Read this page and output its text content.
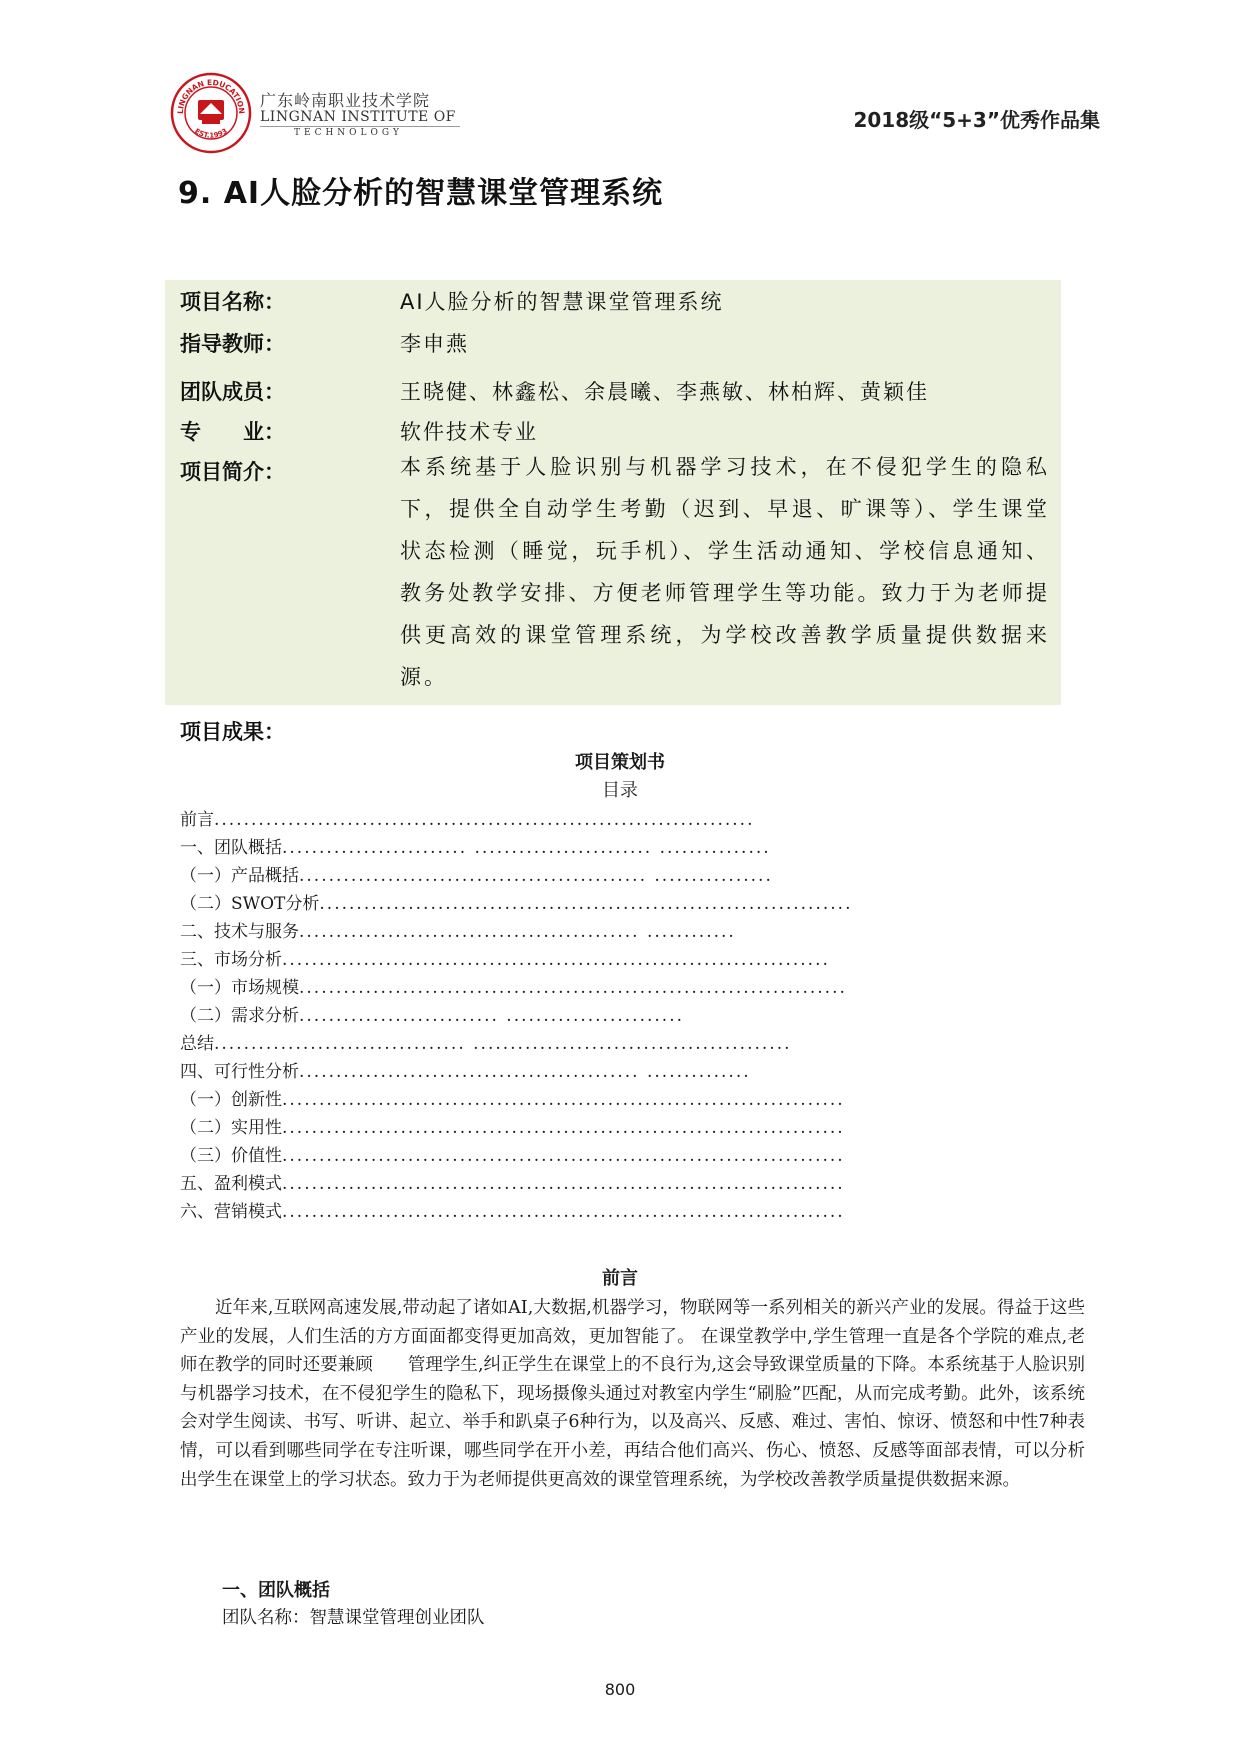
LINGNAN EDUCATION
EST.1993
广东岭南职业技术学院
LINGNAN INSTITUTE OF
TECHNOLOGY
2018级“5+3”优秀作品集
9. AI人脸分析的智慧课堂管理系统
项目名称：	AI人脸分析的智慧课堂管理系统
指导教师：	李申燕
团队成员：	王晓健、林鑫松、余晨曦、李燕敏、林柏辉、黄颖佳
专　　业：	软件技术专业
项目简介：	本系统基于人脸识别与机器学习技术，在不侵犯学生的隐私下，提供全自动学生考勤（迟到、早退、旷课等）、学生课堂状态检测（睡觉，玩手机）、学生活动通知、学校信息通知、教务处教学安排、方便老师管理学生等功能。致力于为老师提供更高效的课堂管理系统，为学校改善教学质量提供数据来源。
项目成果：
项目策划书
目录
前言.........................................................................
一、团队概括......................... ........................ ...............
（一）产品概括............................................... ................
（二）SWOT分析........................................................................
二、技术与服务.............................................. ............
三、市场分析..........................................................................
（一）市场规模..........................................................................
（二）需求分析........................... ........................
总结.................................. ...........................................
四、可行性分析.............................................. ..............
（一）创新性............................................................................
（二）实用性............................................................................
（三）价值性............................................................................
五、盈利模式............................................................................
六、营销模式............................................................................
前言
近年来,互联网高速发展,带动起了诸如AI,大数据,机器学习，物联网等一系列相关的新兴产业的发展。得益于这些产业的发展，人们生活的方方面面都变得更加高效，更加智能了。 在课堂教学中,学生管理一直是各个学院的难点,老师在教学的同时还要兼顾　　管理学生,纠正学生在课堂上的不良行为,这会导致课堂质量的下降。本系统基于人脸识别与机器学习技术，在不侵犯学生的隐私下，现场摄像头通过对教室内学生“刷脸”匹配，从而完成考勤。此外，该系统会对学生阅读、书写、听讲、起立、举手和趴桌子6种行为，以及高兴、反感、难过、害怕、惊讶、愤怒和中性7种表情，可以看到哪些同学在专注听课，哪些同学在开小差，再结合他们高兴、伤心、愤怒、反感等面部表情，可以分析出学生在课堂上的学习状态。致力于为老师提供更高效的课堂管理系统，为学校改善教学质量提供数据来源。
一、团队概括
团队名称：智慧课堂管理创业团队
800
